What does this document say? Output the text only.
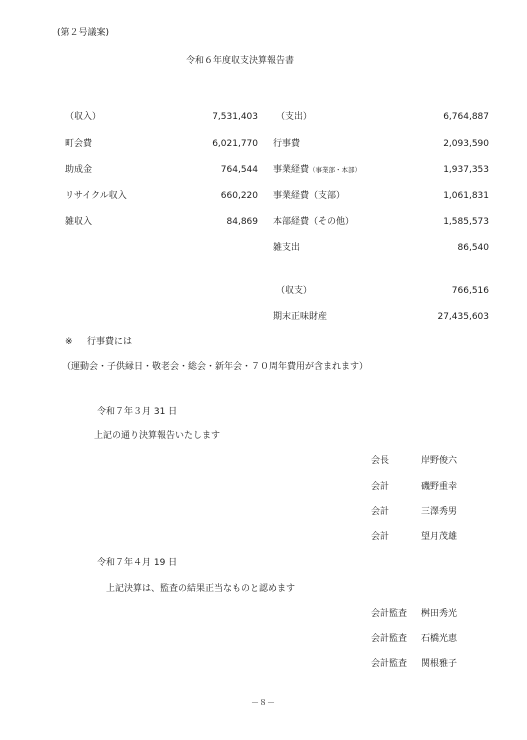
(第２号議案)
令和６年度収支決算報告書
（収入）	7,531,403
町会費	6,021,770
助成金	764,544
リサイクル収入	660,220
雑収入	84,869
（支出）	6,764,887
行事費	2,093,590
事業経費（事業部・本部）	1,937,353
事業経費（支部）	1,061,831
本部経費（その他）	1,585,573
雑支出	86,540
（収支）	766,516
期末正味財産	27,435,603
※ 行事費には
（運動会・子供縁日・敬老会・総会・新年会・７０周年費用が含まれます）
令和７年３月 31 日
上記の通り決算報告いたします
会長	岸野俊六
会計	磯野重幸
会計	三澤秀男
会計	望月茂雄
令和７年４月 19 日
上記決算は、監査の結果正当なものと認めます
会計監査 桝田秀光
会計監査 石橋光恵
会計監査 関根雅子
－８－
